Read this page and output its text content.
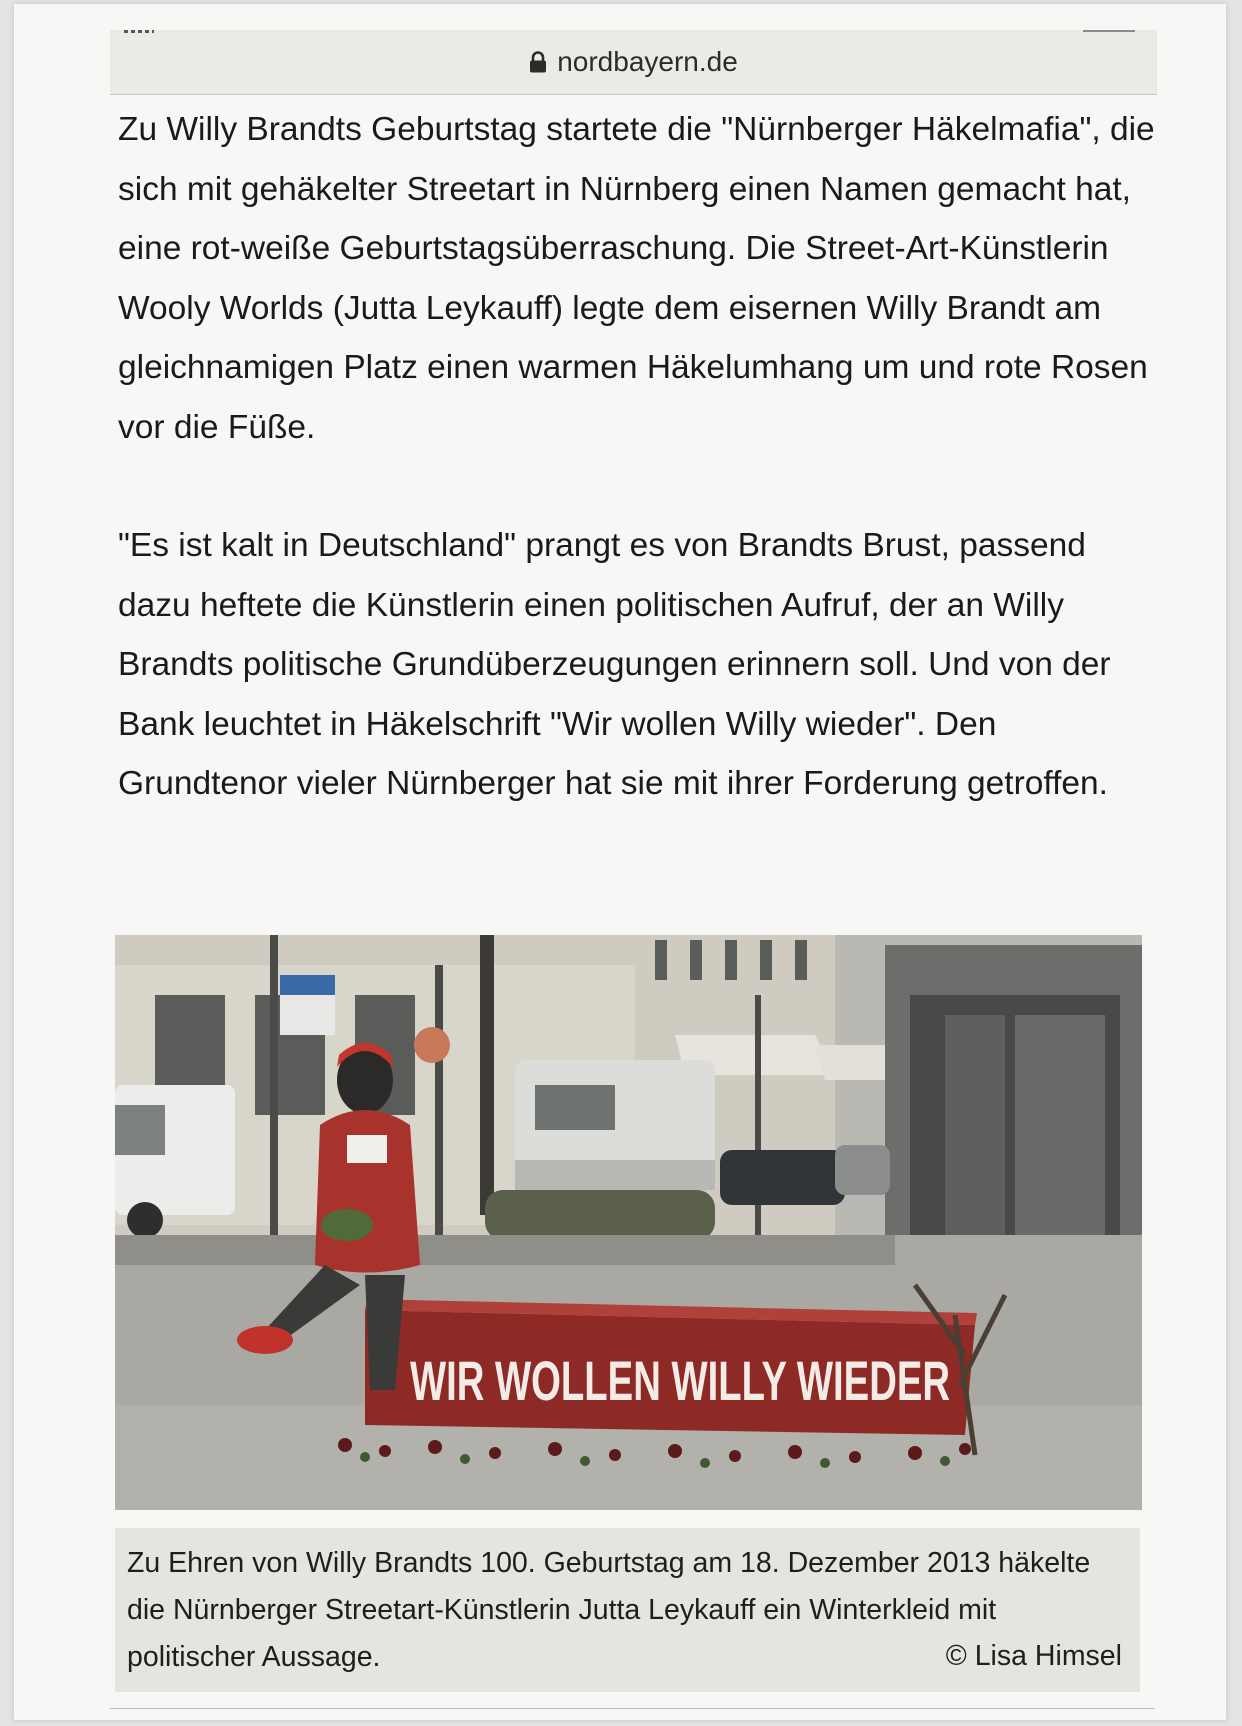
nordbayern.de

Zu Willy Brandts Geburtstag startete die "Nürnberger Häkelmafia", die sich mit gehäkelter Streetart in Nürnberg einen Namen gemacht hat, eine rot-weiße Geburtstagsüberraschung. Die Street-Art-Künstlerin Wooly Worlds (Jutta Leykauff) legte dem eisernen Willy Brandt am gleichnamigen Platz einen warmen Häkelumhang um und rote Rosen vor die Füße.

"Es ist kalt in Deutschland" prangt es von Brandts Brust, passend dazu heftete die Künstlerin einen politischen Aufruf, der an Willy Brandts politische Grundüberzeugungen erinnern soll. Und von der Bank leuchtet in Häkelschrift "Wir wollen Willy wieder". Den Grundtenor vieler Nürnberger hat sie mit ihrer Forderung getroffen.

WIR WOLLEN WILLY WIEDER
Zu Ehren von Willy Brandts 100. Geburtstag am 18. Dezember 2013 häkelte die Nürnberger Streetart-Künstlerin Jutta Leykauff ein Winterkleid mit politischer Aussage.	© Lisa Himsel
